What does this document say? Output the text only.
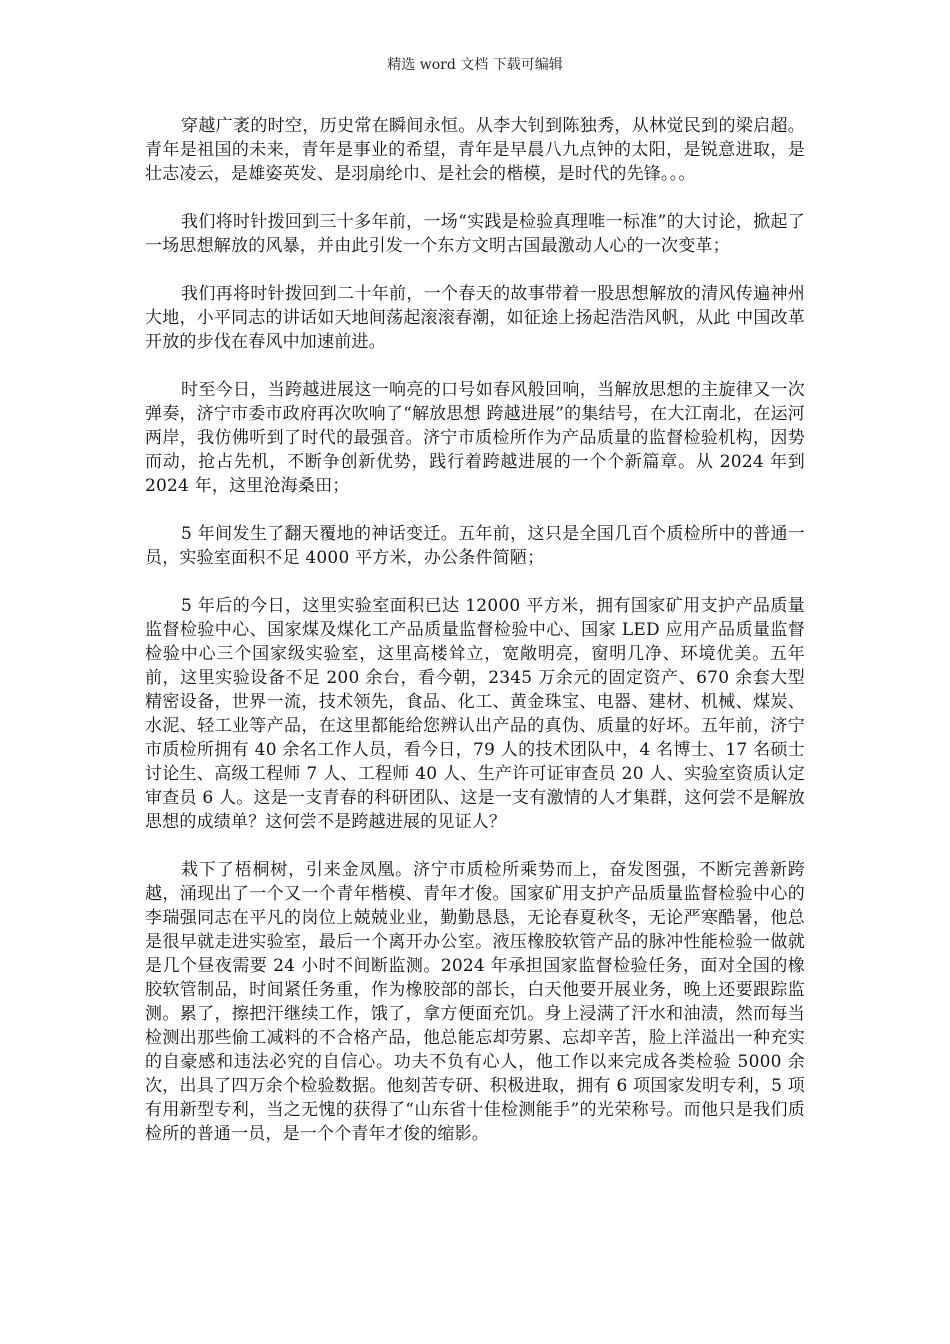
精选 word 文档 下载可编辑

穿越广袤的时空，历史常在瞬间永恒。从李大钊到陈独秀，从林觉民到的梁启超。青年是祖国的未来，青年是事业的希望，青年是早晨八九点钟的太阳，是锐意进取，是壮志凌云，是雄姿英发、是羽扇纶巾、是社会的楷模，是时代的先锋。。。

我们将时针拨回到三十多年前，一场“实践是检验真理唯一标准”的大讨论，掀起了一场思想解放的风暴，并由此引发一个东方文明古国最激动人心的一次变革；

我们再将时针拨回到二十年前，一个春天的故事带着一股思想解放的清风传遍神州大地，小平同志的讲话如天地间荡起滚滚春潮，如征途上扬起浩浩风帆，从此 中国改革开放的步伐在春风中加速前进。

时至今日，当跨越进展这一响亮的口号如春风般回响，当解放思想的主旋律又一次弹奏，济宁市委市政府再次吹响了“解放思想 跨越进展”的集结号，在大江南北，在运河两岸，我仿佛听到了时代的最强音。济宁市质检所作为产品质量的监督检验机构，因势而动，抢占先机，不断争创新优势，践行着跨越进展的一个个新篇章。从 2024 年到 2024 年，这里沧海桑田；

5 年间发生了翻天覆地的神话变迁。五年前，这只是全国几百个质检所中的普通一员，实验室面积不足 4000 平方米，办公条件简陋；

5 年后的今日，这里实验室面积已达 12000 平方米，拥有国家矿用支护产品质量监督检验中心、国家煤及煤化工产品质量监督检验中心、国家 LED 应用产品质量监督检验中心三个国家级实验室，这里高楼耸立，宽敞明亮，窗明几净、环境优美。五年前，这里实验设备不足 200 余台，看今朝，2345 万余元的固定资产、670 余套大型精密设备，世界一流，技术领先，食品、化工、黄金珠宝、电器、建材、机械、煤炭、水泥、轻工业等产品，在这里都能给您辨认出产品的真伪、质量的好坏。五年前，济宁市质检所拥有 40 余名工作人员，看今日，79 人的技术团队中，4 名博士、17 名硕士讨论生、高级工程师 7 人、工程师 40 人、生产许可证审查员 20 人、实验室资质认定审查员 6 人。这是一支青春的科研团队、这是一支有激情的人才集群，这何尝不是解放思想的成绩单？这何尝不是跨越进展的见证人？

栽下了梧桐树，引来金凤凰。济宁市质检所乘势而上，奋发图强，不断完善新跨越，涌现出了一个又一个青年楷模、青年才俊。国家矿用支护产品质量监督检验中心的李瑞强同志在平凡的岗位上兢兢业业，勤勤恳恳，无论春夏秋冬，无论严寒酷暑，他总是很早就走进实验室，最后一个离开办公室。液压橡胶软管产品的脉冲性能检验一做就是几个昼夜需要 24 小时不间断监测。2024 年承担国家监督检验任务，面对全国的橡胶软管制品，时间紧任务重，作为橡胶部的部长，白天他要开展业务，晚上还要跟踪监测。累了，擦把汗继续工作，饿了，拿方便面充饥。身上浸满了汗水和油渍，然而每当检测出那些偷工减料的不合格产品，他总能忘却劳累、忘却辛苦，脸上洋溢出一种充实的自豪感和违法必究的自信心。功夫不负有心人，他工作以来完成各类检验 5000 余次，出具了四万余个检验数据。他刻苦专研、积极进取，拥有 6 项国家发明专利，5 项有用新型专利，当之无愧的获得了“山东省十佳检测能手”的光荣称号。而他只是我们质检所的普通一员，是一个个青年才俊的缩影。
